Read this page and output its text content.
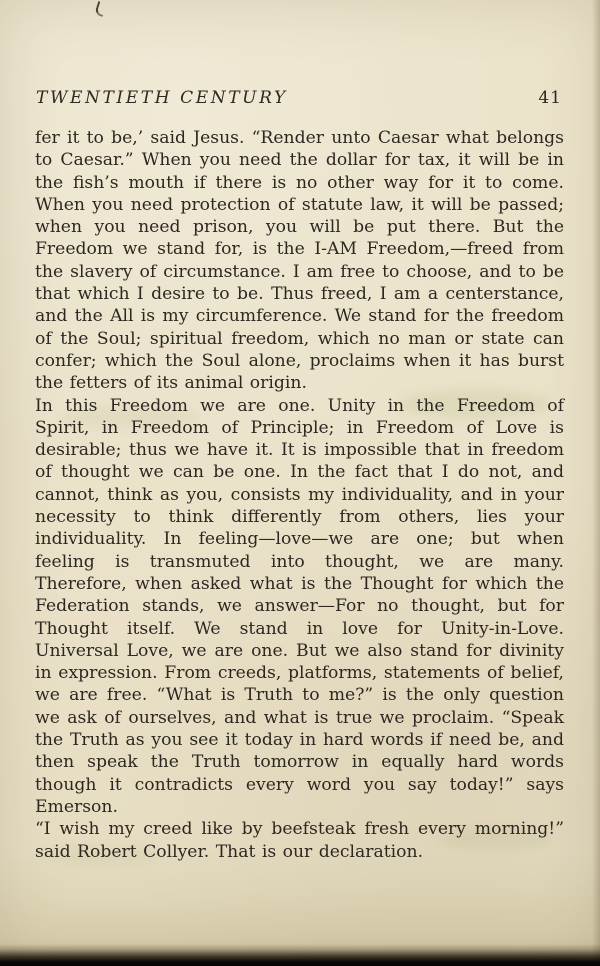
TWENTIETH CENTURY	41

fer it to be,’ said Jesus. “Render unto Caesar what belongs to Caesar.” When you need the dollar for tax, it will be in the fish’s mouth if there is no other way for it to come. When you need protection of statute law, it will be passed; when you need prison, you will be put there. But the Freedom we stand for, is the I-AM Freedom,—freed from the slavery of circumstance. I am free to choose, and to be that which I desire to be. Thus freed, I am a centerstance, and the All is my circumference. We stand for the freedom of the Soul; spiritual freedom, which no man or state can confer; which the Soul alone, proclaims when it has burst the fetters of its animal origin.

In this Freedom we are one. Unity in the Freedom of Spirit, in Freedom of Principle; in Freedom of Love is desirable; thus we have it. It is impossible that in freedom of thought we can be one. In the fact that I do not, and cannot, think as you, consists my individuality, and in your necessity to think differently from others, lies your individuality. In feeling—love—we are one; but when feeling is transmuted into thought, we are many. Therefore, when asked what is the Thought for which the Federation stands, we answer—For no thought, but for Thought itself. We stand in love for Unity-in-Love. Universal Love, we are one. But we also stand for divinity in expression. From creeds, platforms, statements of belief, we are free. “What is Truth to me?” is the only question we ask of ourselves, and what is true we proclaim. “Speak the Truth as you see it today in hard words if need be, and then speak the Truth tomorrow in equally hard words though it contradicts every word you say today!” says Emerson.

“I wish my creed like by beefsteak fresh every morning!” said Robert Collyer. That is our declaration.
